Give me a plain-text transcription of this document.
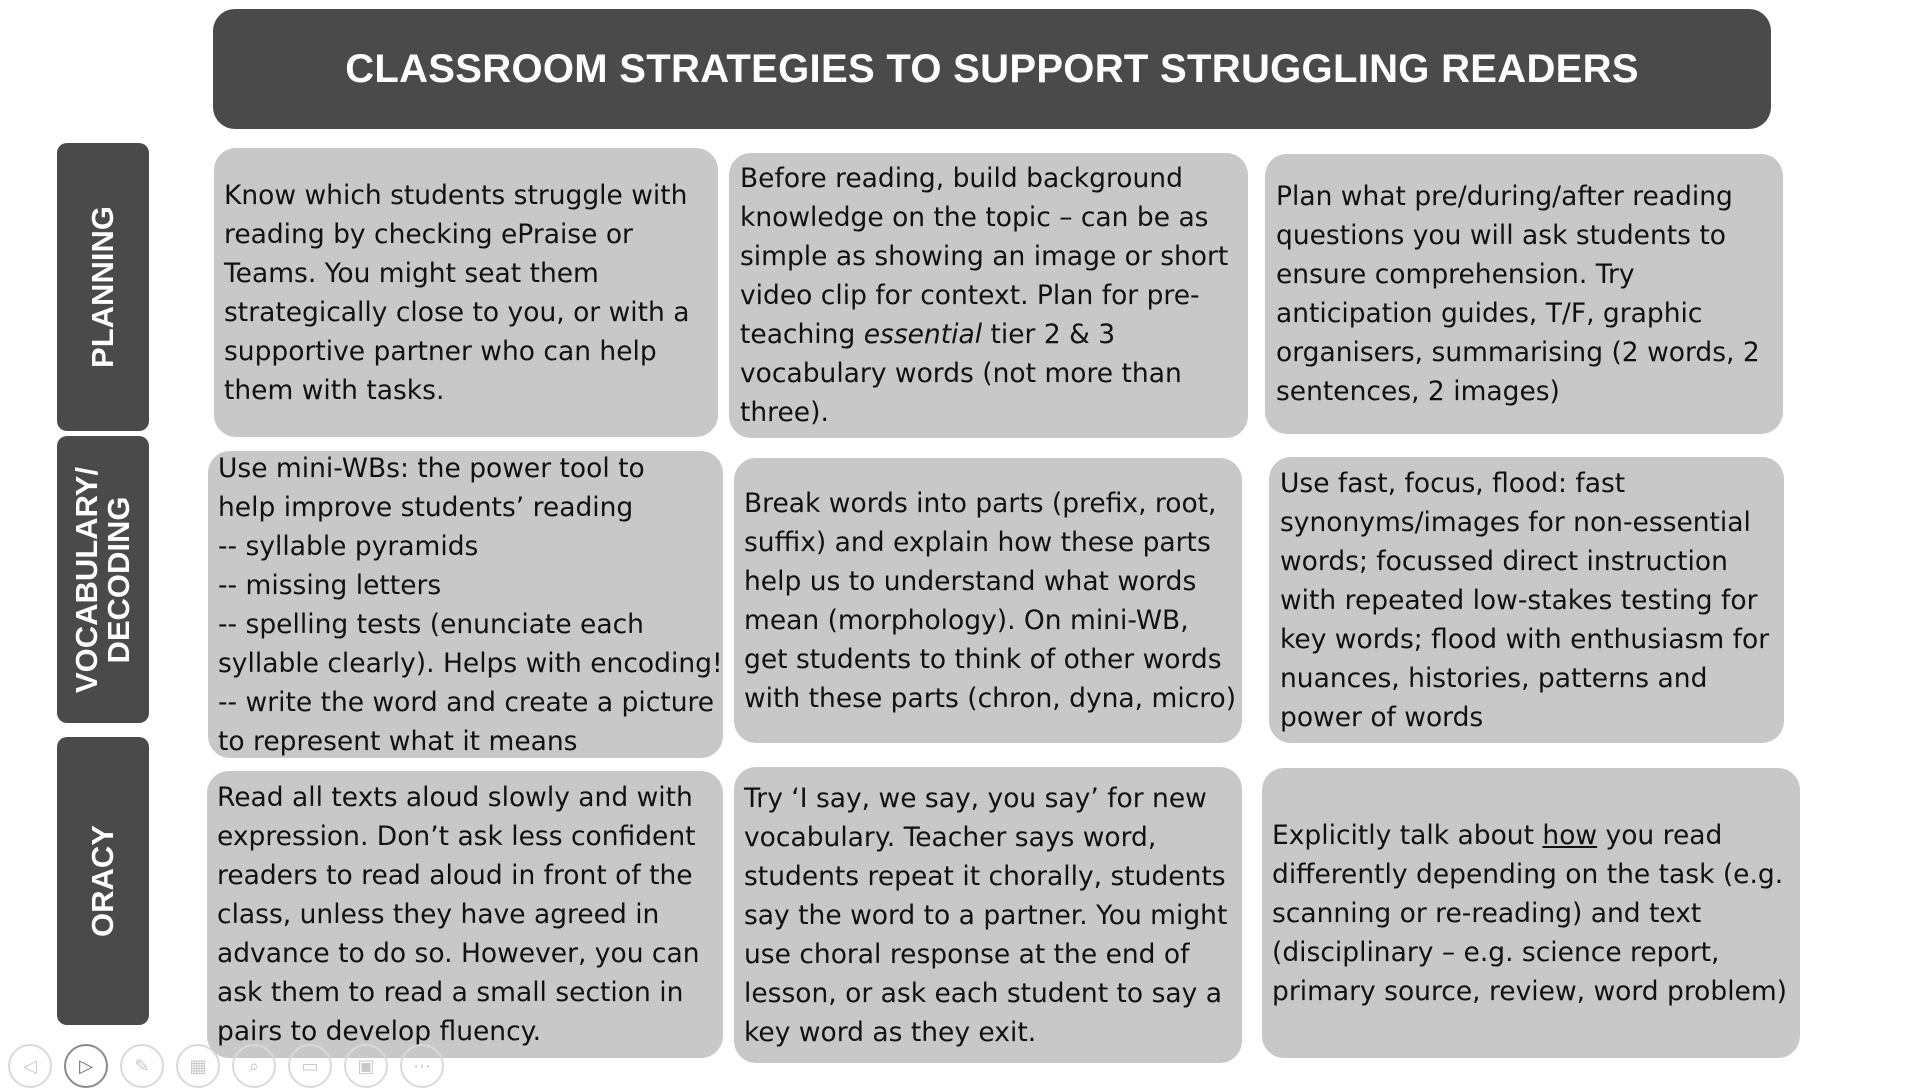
CLASSROOM STRATEGIES TO SUPPORT STRUGGLING READERS
PLANNING
VOCABULARY/
DECODING
ORACY
Know which students struggle with
reading by checking ePraise or
Teams. You might seat them
strategically close to you, or with a
supportive partner who can help
them with tasks.
Before reading, build background
knowledge on the topic – can be as
simple as showing an image or short
video clip for context. Plan for pre-
teaching essential tier 2 & 3
vocabulary words (not more than
three).
Plan what pre/during/after reading
questions you will ask students to
ensure comprehension. Try
anticipation guides, T/F, graphic
organisers, summarising (2 words, 2
sentences, 2 images)
Use mini-WBs: the power tool to
help improve students’ reading
-- syllable pyramids
-- missing letters
-- spelling tests (enunciate each
syllable clearly). Helps with encoding!
-- write the word and create a picture
to represent what it means
Break words into parts (prefix, root,
suffix) and explain how these parts
help us to understand what words
mean (morphology). On mini-WB,
get students to think of other words
with these parts (chron, dyna, micro)
Use fast, focus, flood: fast
synonyms/images for non-essential
words; focussed direct instruction
with repeated low-stakes testing for
key words; flood with enthusiasm for
nuances, histories, patterns and
power of words
Read all texts aloud slowly and with
expression. Don’t ask less confident
readers to read aloud in front of the
class, unless they have agreed in
advance to do so. However, you can
ask them to read a small section in
pairs to develop fluency.
Try ‘I say, we say, you say’ for new
vocabulary. Teacher says word,
students repeat it chorally, students
say the word to a partner. You might
use choral response at the end of
lesson, or ask each student to say a
key word as they exit.
Explicitly talk about how you read
differently depending on the task (e.g.
scanning or re-reading) and text
(disciplinary – e.g. science report,
primary source, review, word problem)
◁ ▷ ✎ ▦ ⌕ ▭ ▣ ⋯
